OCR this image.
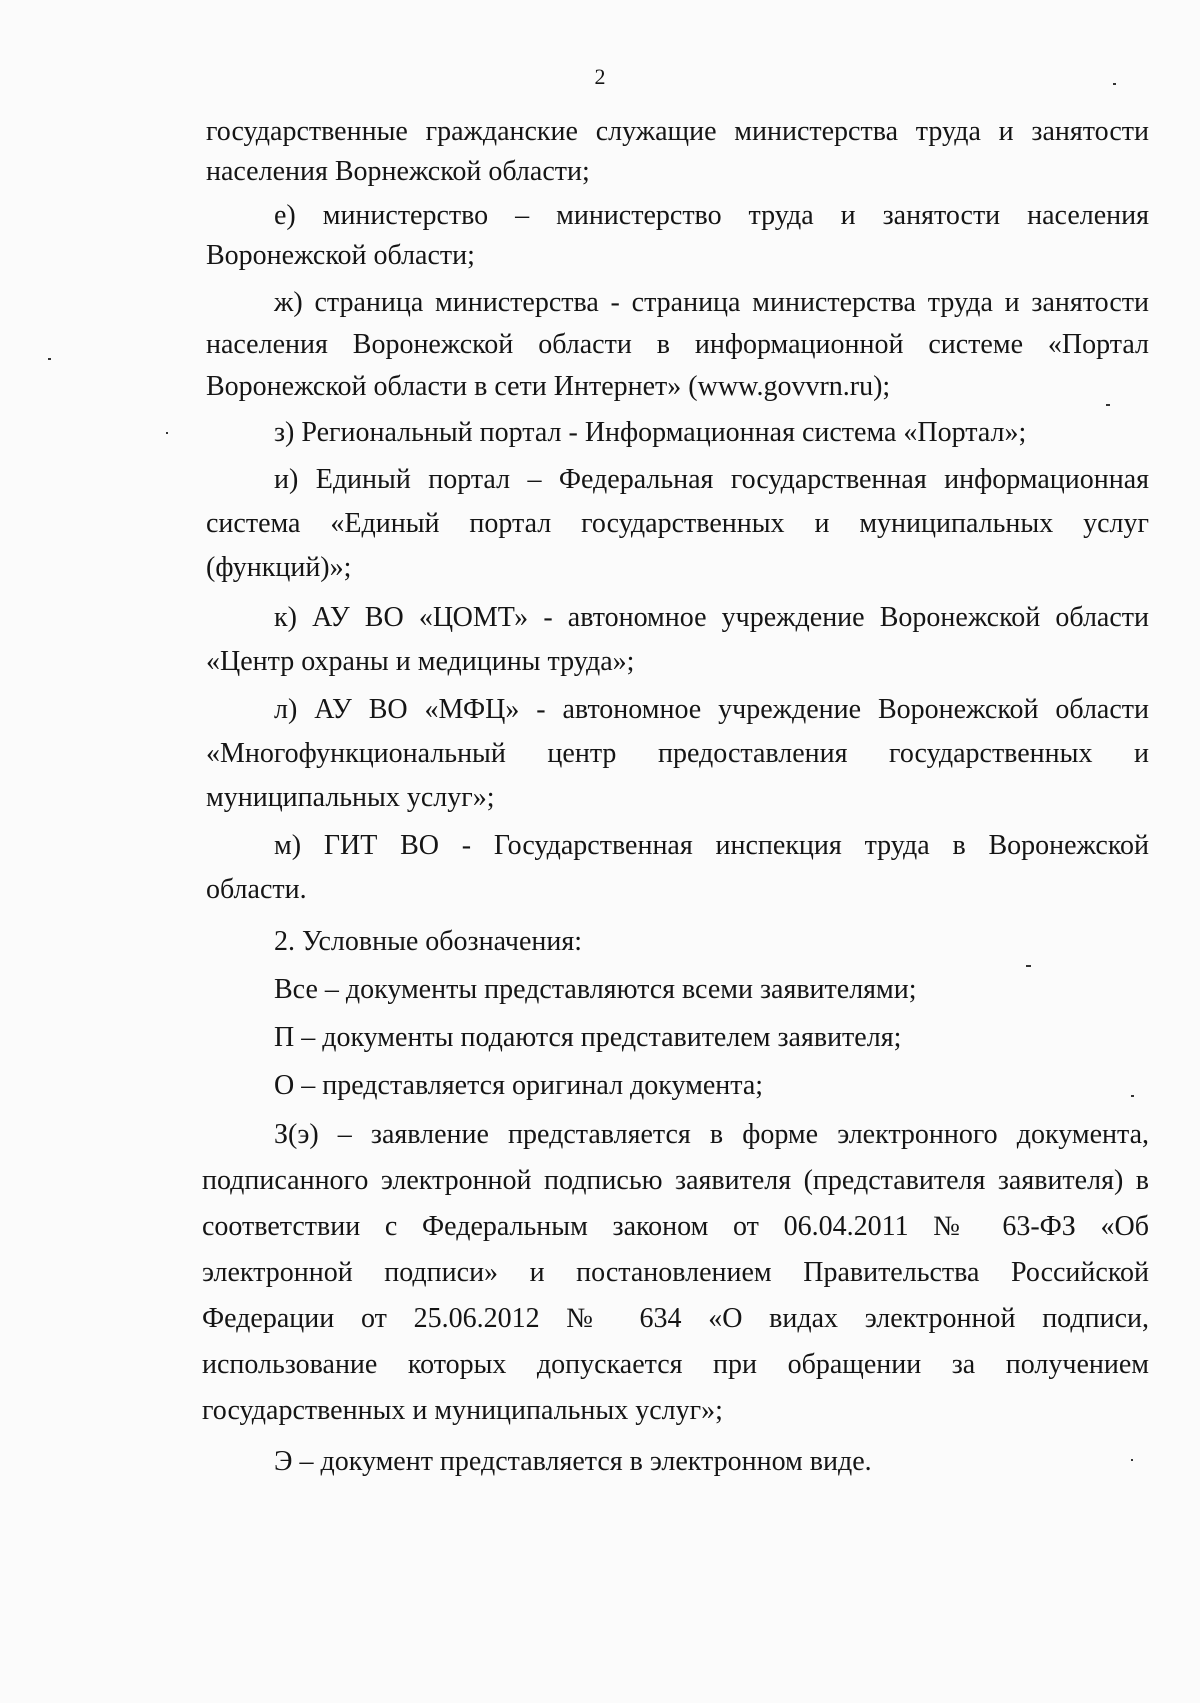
2
государственные гражданские служащие министерства труда и занятости
населения Ворнежской области;
е) министерство – министерство труда и занятости населения
Воронежской области;
ж) страница министерства - страница министерства труда и занятости
населения Воронежской области в информационной системе «Портал
Воронежской области в сети Интернет» (www.govvrn.ru);
з) Региональный портал - Информационная система «Портал»;
и) Единый портал – Федеральная государственная информационная
система «Единый портал государственных и муниципальных услуг
(функций)»;
к) АУ ВО «ЦОМТ» - автономное учреждение Воронежской области
«Центр охраны и медицины труда»;
л) АУ ВО «МФЦ» - автономное учреждение Воронежской области
«Многофункциональный центр предоставления государственных и
муниципальных услуг»;
м) ГИТ ВО - Государственная инспекция труда в Воронежской
области.
2. Условные обозначения:
Все – документы представляются всеми заявителями;
П – документы подаются представителем заявителя;
О – представляется оригинал документа;
З(э) – заявление представляется в форме электронного документа,
подписанного электронной подписью заявителя (представителя заявителя) в
соответствии с Федеральным законом от 06.04.2011 № 63-ФЗ «Об
электронной подписи» и постановлением Правительства Российской
Федерации от 25.06.2012 № 634 «О видах электронной подписи,
использование которых допускается при обращении за получением
государственных и муниципальных услуг»;
Э – документ представляется в электронном виде.
